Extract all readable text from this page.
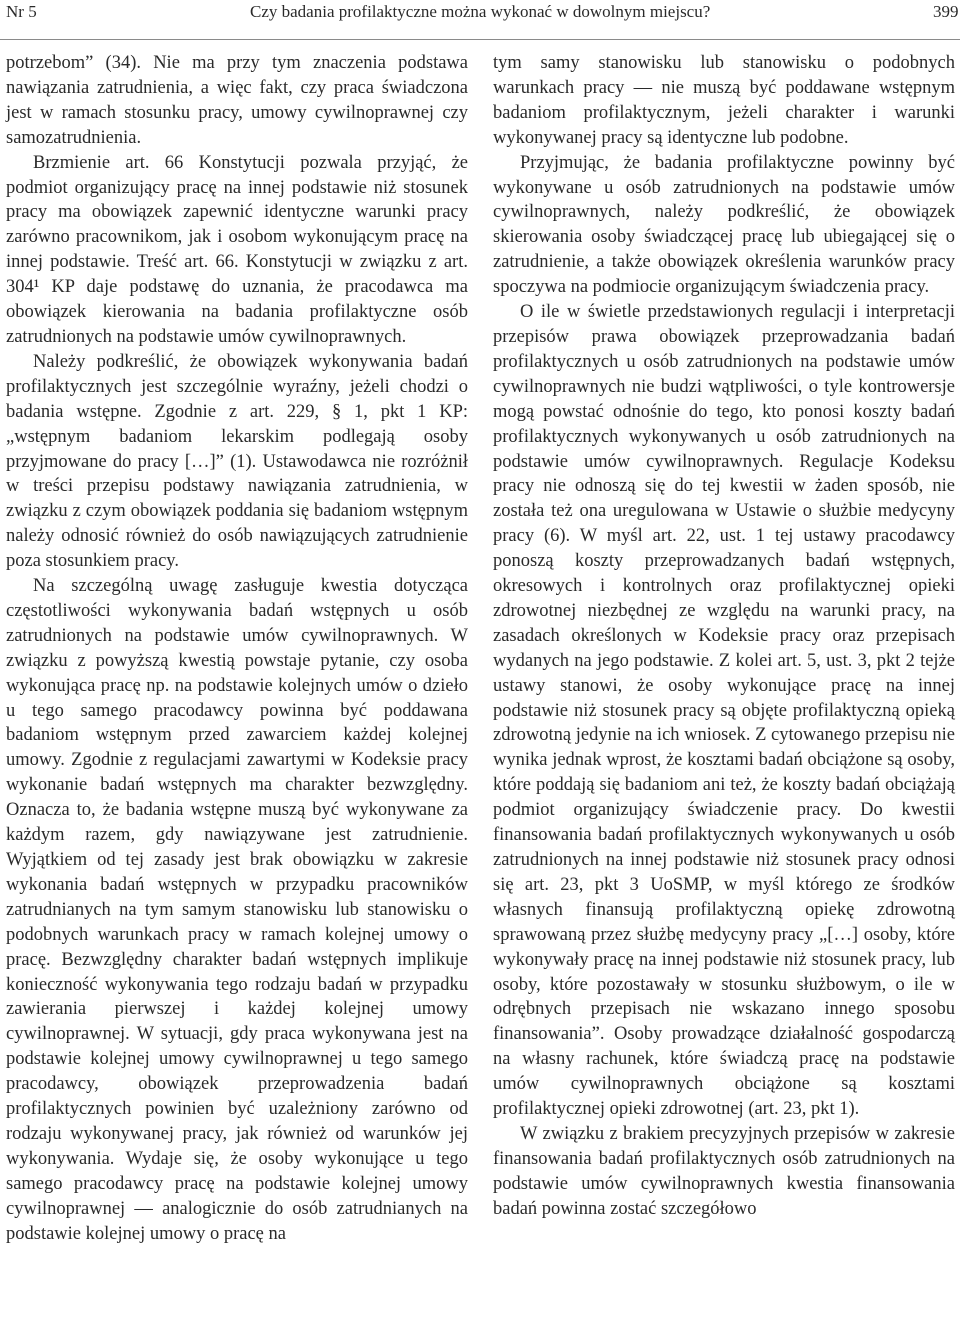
Nr 5	Czy badania profilaktyczne można wykonać w dowolnym miejscu?	399

potrzebom” (34). Nie ma przy tym znaczenia podstawa nawiązania zatrudnienia, a więc fakt, czy praca świadczona jest w ramach stosunku pracy, umowy cywilnoprawnej czy samozatrudnienia.

Brzmienie art. 66 Konstytucji pozwala przyjąć, że podmiot organizujący pracę na innej podstawie niż stosunek pracy ma obowiązek zapewnić identyczne warunki pracy zarówno pracownikom, jak i osobom wykonującym pracę na innej podstawie. Treść art. 66. Konstytucji w związku z art. 304¹ KP daje podstawę do uznania, że pracodawca ma obowiązek kierowania na badania profilaktyczne osób zatrudnionych na podstawie umów cywilnoprawnych.

Należy podkreślić, że obowiązek wykonywania badań profilaktycznych jest szczególnie wyraźny, jeżeli chodzi o badania wstępne. Zgodnie z art. 229, § 1, pkt 1 KP: „wstępnym badaniom lekarskim podlegają osoby przyjmowane do pracy […]” (1). Ustawodawca nie rozróżnił w treści przepisu podstawy nawiązania zatrudnienia, w związku z czym obowiązek poddania się badaniom wstępnym należy odnosić również do osób nawiązujących zatrudnienie poza stosunkiem pracy.

Na szczególną uwagę zasługuje kwestia dotycząca częstotliwości wykonywania badań wstępnych u osób zatrudnionych na podstawie umów cywilnoprawnych. W związku z powyższą kwestią powstaje pytanie, czy osoba wykonująca pracę np. na podstawie kolejnych umów o dzieło u tego samego pracodawcy powinna być poddawana badaniom wstępnym przed zawarciem każdej kolejnej umowy. Zgodnie z regulacjami zawartymi w Kodeksie pracy wykonanie badań wstępnych ma charakter bezwzględny. Oznacza to, że badania wstępne muszą być wykonywane za każdym razem, gdy nawiązywane jest zatrudnienie. Wyjątkiem od tej zasady jest brak obowiązku w zakresie wykonania badań wstępnych w przypadku pracowników zatrudnianych na tym samym stanowisku lub stanowisku o podobnych warunkach pracy w ramach kolejnej umowy o pracę. Bezwzględny charakter badań wstępnych implikuje konieczność wykonywania tego rodzaju badań w przypadku zawierania pierwszej i każdej kolejnej umowy cywilnoprawnej. W sytuacji, gdy praca wykonywana jest na podstawie kolejnej umowy cywilnoprawnej u tego samego pracodawcy, obowiązek przeprowadzenia badań profilaktycznych powinien być uzależniony zarówno od rodzaju wykonywanej pracy, jak również od warunków jej wykonywania. Wydaje się, że osoby wykonujące u tego samego pracodawcy pracę na podstawie kolejnej umowy cywilnoprawnej — analogicznie do osób zatrudnianych na podstawie kolejnej umowy o pracę na

tym samy stanowisku lub stanowisku o podobnych warunkach pracy — nie muszą być poddawane wstępnym badaniom profilaktycznym, jeżeli charakter i warunki wykonywanej pracy są identyczne lub podobne.

Przyjmując, że badania profilaktyczne powinny być wykonywane u osób zatrudnionych na podstawie umów cywilnoprawnych, należy podkreślić, że obowiązek skierowania osoby świadczącej pracę lub ubiegającej się o zatrudnienie, a także obowiązek określenia warunków pracy spoczywa na podmiocie organizującym świadczenia pracy.

O ile w świetle przedstawionych regulacji i interpretacji przepisów prawa obowiązek przeprowadzania badań profilaktycznych u osób zatrudnionych na podstawie umów cywilnoprawnych nie budzi wątpliwości, o tyle kontrowersje mogą powstać odnośnie do tego, kto ponosi koszty badań profilaktycznych wykonywanych u osób zatrudnionych na podstawie umów cywilnoprawnych. Regulacje Kodeksu pracy nie odnoszą się do tej kwestii w żaden sposób, nie została też ona uregulowana w Ustawie o służbie medycyny pracy (6). W myśl art. 22, ust. 1 tej ustawy pracodawcy ponoszą koszty przeprowadzanych badań wstępnych, okresowych i kontrolnych oraz profilaktycznej opieki zdrowotnej niezbędnej ze względu na warunki pracy, na zasadach określonych w Kodeksie pracy oraz przepisach wydanych na jego podstawie. Z kolei art. 5, ust. 3, pkt 2 tejże ustawy stanowi, że osoby wykonujące pracę na innej podstawie niż stosunek pracy są objęte profilaktyczną opieką zdrowotną jedynie na ich wniosek. Z cytowanego przepisu nie wynika jednak wprost, że kosztami badań obciążone są osoby, które poddają się badaniom ani też, że koszty badań obciążają podmiot organizujący świadczenie pracy. Do kwestii finansowania badań profilaktycznych wykonywanych u osób zatrudnionych na innej podstawie niż stosunek pracy odnosi się art. 23, pkt 3 UoSMP, w myśl którego ze środków własnych finansują profilaktyczną opiekę zdrowotną sprawowaną przez służbę medycyny pracy „[…] osoby, które wykonywały pracę na innej podstawie niż stosunek pracy, lub osoby, które pozostawały w stosunku służbowym, o ile w odrębnych przepisach nie wskazano innego sposobu finansowania”. Osoby prowadzące działalność gospodarczą na własny rachunek, które świadczą pracę na podstawie umów cywilnoprawnych obciążone są kosztami profilaktycznej opieki zdrowotnej (art. 23, pkt 1).

W związku z brakiem precyzyjnych przepisów w zakresie finansowania badań profilaktycznych osób zatrudnionych na podstawie umów cywilnoprawnych kwestia finansowania badań powinna zostać szczegółowo
